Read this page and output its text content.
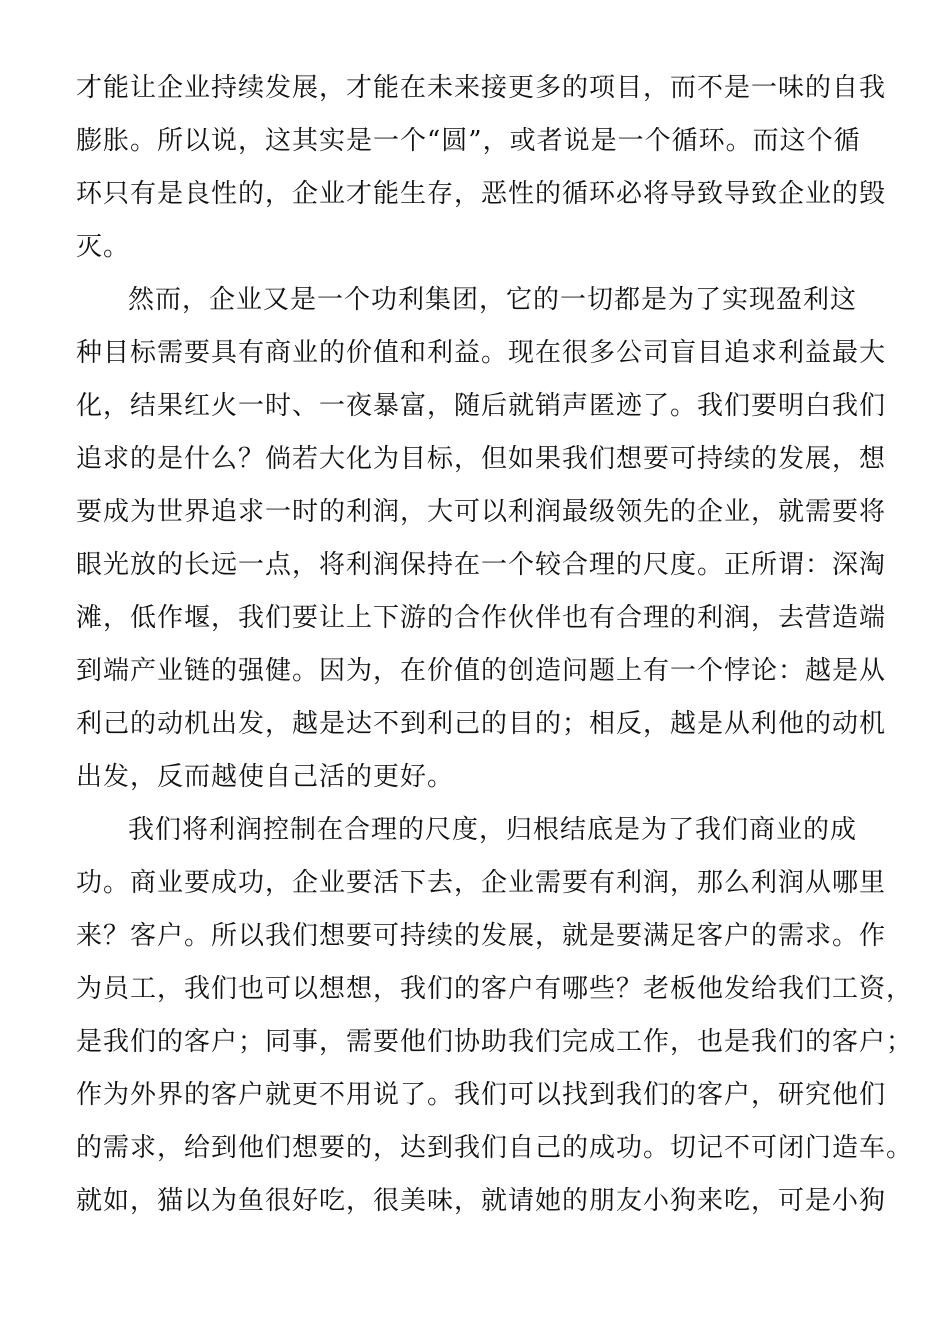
才能让企业持续发展，才能在未来接更多的项目，而不是一味的自我
膨胀。所以说，这其实是一个“圆”，或者说是一个循环。而这个循
环只有是良性的，企业才能生存，恶性的循环必将导致导致企业的毁
灭。
然而，企业又是一个功利集团，它的一切都是为了实现盈利这
种目标需要具有商业的价值和利益。现在很多公司盲目追求利益最大
化，结果红火一时、一夜暴富，随后就销声匿迹了。我们要明白我们
追求的是什么？倘若大化为目标，但如果我们想要可持续的发展，想
要成为世界追求一时的利润，大可以利润最级领先的企业，就需要将
眼光放的长远一点，将利润保持在一个较合理的尺度。正所谓：深淘
滩，低作堰，我们要让上下游的合作伙伴也有合理的利润，去营造端
到端产业链的强健。因为，在价值的创造问题上有一个悖论：越是从
利己的动机出发，越是达不到利己的目的；相反，越是从利他的动机
出发，反而越使自己活的更好。
我们将利润控制在合理的尺度，归根结底是为了我们商业的成
功。商业要成功，企业要活下去，企业需要有利润，那么利润从哪里
来？客户。所以我们想要可持续的发展，就是要满足客户的需求。作
为员工，我们也可以想想，我们的客户有哪些？老板他发给我们工资，
是我们的客户；同事，需要他们协助我们完成工作，也是我们的客户；
作为外界的客户就更不用说了。我们可以找到我们的客户，研究他们
的需求，给到他们想要的，达到我们自己的成功。切记不可闭门造车。
就如，猫以为鱼很好吃，很美味，就请她的朋友小狗来吃，可是小狗
